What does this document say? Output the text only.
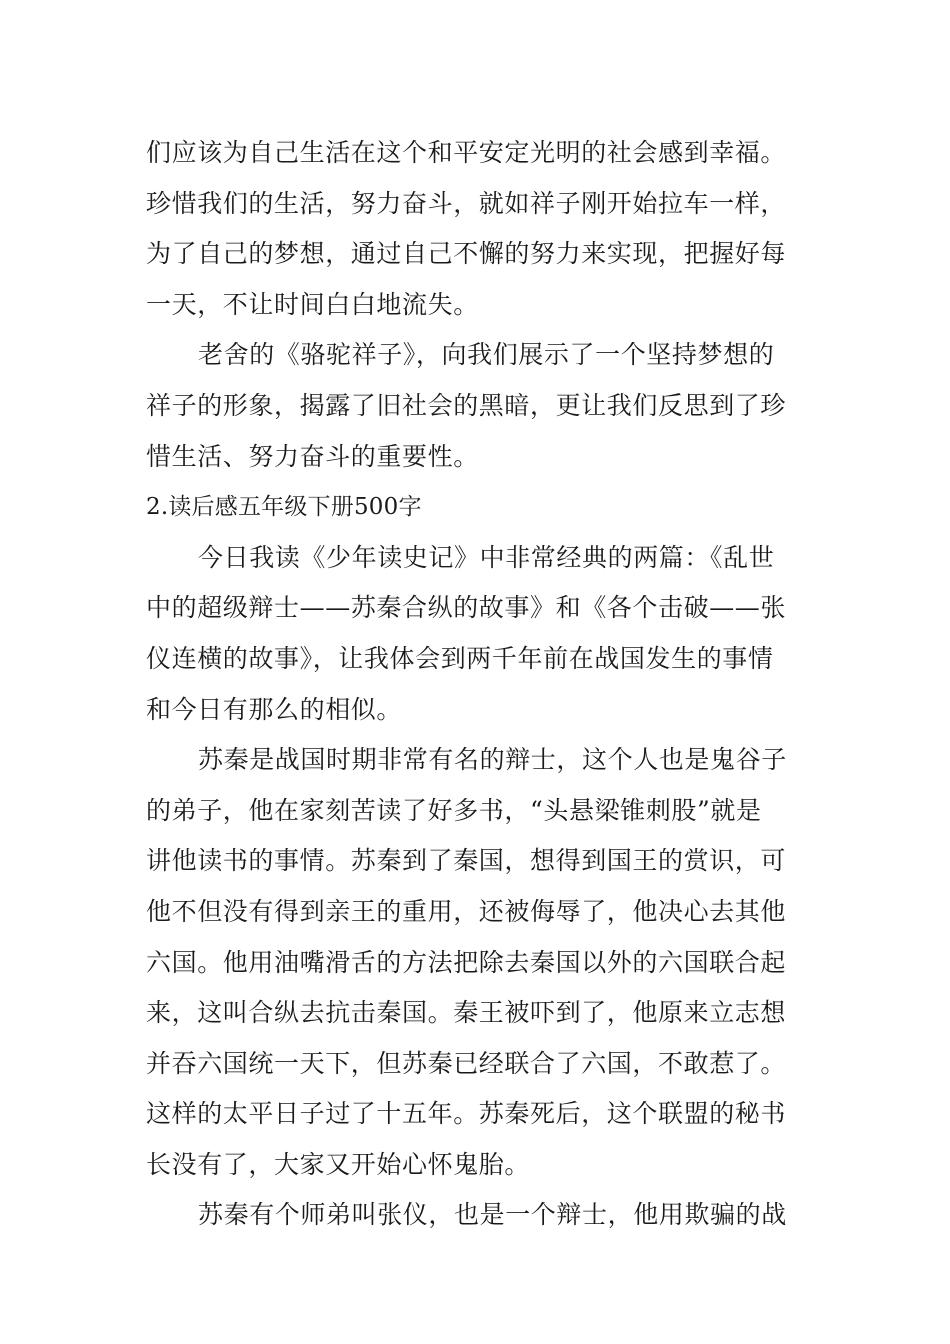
们应该为自己生活在这个和平安定光明的社会感到幸福。
珍惜我们的生活，努力奋斗，就如祥子刚开始拉车一样，
为了自己的梦想，通过自己不懈的努力来实现，把握好每
一天，不让时间白白地流失。
老舍的《骆驼祥子》，向我们展示了一个坚持梦想的
祥子的形象，揭露了旧社会的黑暗，更让我们反思到了珍
惜生活、努力奋斗的重要性。
2.读后感五年级下册500字
今日我读《少年读史记》中非常经典的两篇：《乱世
中的超级辩士——苏秦合纵的故事》和《各个击破——张
仪连横的故事》，让我体会到两千年前在战国发生的事情
和今日有那么的相似。
苏秦是战国时期非常有名的辩士，这个人也是鬼谷子
的弟子，他在家刻苦读了好多书，“头悬梁锥刺股”就是
讲他读书的事情。苏秦到了秦国，想得到国王的赏识，可
他不但没有得到亲王的重用，还被侮辱了，他决心去其他
六国。他用油嘴滑舌的方法把除去秦国以外的六国联合起
来，这叫合纵去抗击秦国。秦王被吓到了，他原来立志想
并吞六国统一天下，但苏秦已经联合了六国，不敢惹了。
这样的太平日子过了十五年。苏秦死后，这个联盟的秘书
长没有了，大家又开始心怀鬼胎。
苏秦有个师弟叫张仪，也是一个辩士，他用欺骗的战
